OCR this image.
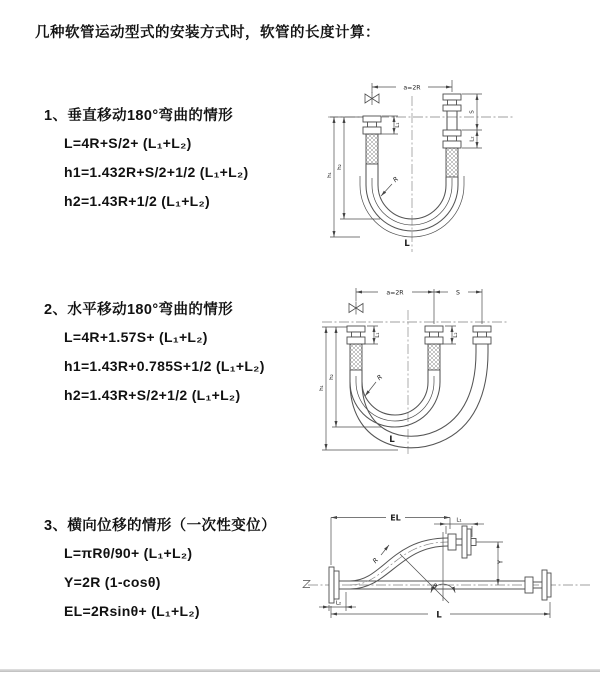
几种软管运动型式的安装方式时，软管的长度计算：
1、垂直移动180°弯曲的情形
L=4R+S/2+ (L₁+L₂)
h1=1.432R+S/2+1/2 (L₁+L₂)
h2=1.43R+1/2 (L₁+L₂)
2、水平移动180°弯曲的情形
L=4R+1.57S+ (L₁+L₂)
h1=1.43R+0.785S+1/2 (L₁+L₂)
h2=1.43R+S/2+1/2 (L₁+L₂)
3、横向位移的情形（一次性变位）
L=πRθ/90+ (L₁+L₂)
Y=2R (1-cosθ)
EL=2Rsinθ+ (L₁+L₂)
a=2R
h₁
h₂
L₁
S
L₂
R
L
a=2R	S
h₁
h₂
L₁	L₂
R
L
EL	L₁
Y
θ
R
L
L₂
